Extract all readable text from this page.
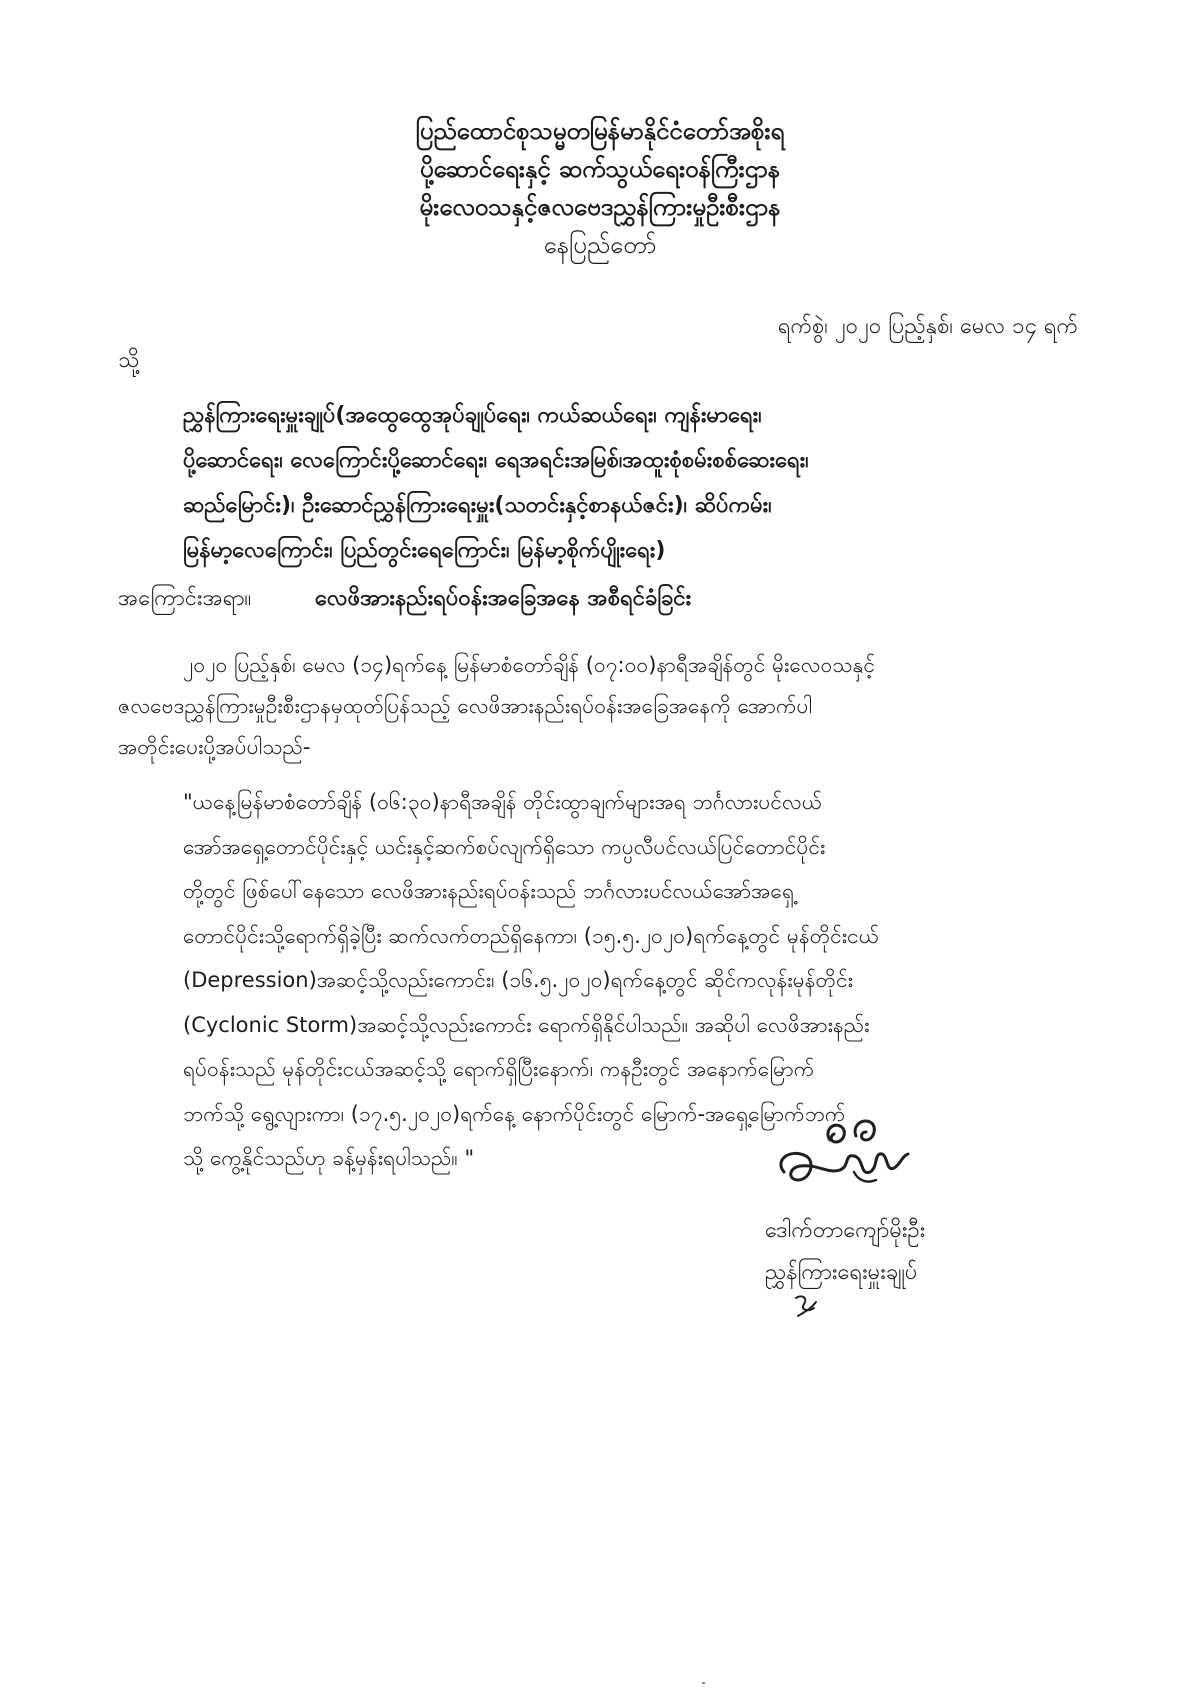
ပြည်ထောင်စုသမ္မတမြန်မာနိုင်ငံတော်အစိုးရ
ပို့ဆောင်ရေးနှင့် ဆက်သွယ်ရေးဝန်ကြီးဌာန
မိုးလေဝသနှင့်ဇလဗေဒညွှန်ကြားမှုဦးစီးဌာန
နေပြည်တော်
ရက်စွဲ၊ ၂၀၂၀ ပြည့်နှစ်၊ မေလ ၁၄ ရက်
သို့
ညွှန်ကြားရေးမှူးချုပ်(အထွေထွေအုပ်ချုပ်ရေး၊ ကယ်ဆယ်ရေး၊ ကျန်းမာရေး၊
ပို့ဆောင်ရေး၊ လေကြောင်းပို့ဆောင်ရေး၊ ရေအရင်းအမြစ်၊အထူးစုံစမ်းစစ်ဆေးရေး၊
ဆည်မြောင်း)၊ ဦးဆောင်ညွှန်ကြားရေးမှူး(သတင်းနှင့်စာနယ်ဇင်း)၊ ဆိပ်ကမ်း၊
မြန်မာ့လေကြောင်း၊ ပြည်တွင်းရေကြောင်း၊ မြန်မာ့စိုက်ပျိုးရေး)
အကြောင်းအရာ။	လေဖိအားနည်းရပ်ဝန်းအခြေအနေ အစီရင်ခံခြင်း
၂၀၂၀ ပြည့်နှစ်၊ မေလ (၁၄)ရက်နေ့ မြန်မာစံတော်ချိန် (၀၇:၀၀)နာရီအချိန်တွင် မိုးလေဝသနှင့်
ဇလဗေဒညွှန်ကြားမှုဦးစီးဌာနမှထုတ်ပြန်သည့် လေဖိအားနည်းရပ်ဝန်းအခြေအနေကို အောက်ပါ
အတိုင်းပေးပို့အပ်ပါသည်-
"ယနေ့မြန်မာစံတော်ချိန် (၀၆:၃၀)နာရီအချိန် တိုင်းထွာချက်များအရ ဘင်္ဂလားပင်လယ်
အော်အရှေ့တောင်ပိုင်းနှင့် ယင်းနှင့်ဆက်စပ်လျက်ရှိသော ကပ္ပလီပင်လယ်ပြင်တောင်ပိုင်း
တို့တွင် ဖြစ်ပေါ်နေသော လေဖိအားနည်းရပ်ဝန်းသည် ဘင်္ဂလားပင်လယ်အော်အရှေ့
တောင်ပိုင်းသို့ရောက်ရှိခဲ့ပြီး ဆက်လက်တည်ရှိနေကာ၊ (၁၅.၅.၂၀၂၀)ရက်နေ့တွင် မုန်တိုင်းငယ်
(Depression)အဆင့်သို့လည်းကောင်း၊ (၁၆.၅.၂၀၂၀)ရက်နေ့တွင် ဆိုင်ကလုန်းမုန်တိုင်း
(Cyclonic Storm)အဆင့်သို့လည်းကောင်း ရောက်ရှိနိုင်ပါသည်။ အဆိုပါ လေဖိအားနည်း
ရပ်ဝန်းသည် မုန်တိုင်းငယ်အဆင့်သို့ ရောက်ရှိပြီးနောက်၊ ကနဦးတွင် အနောက်မြောက်
ဘက်သို့ ရွေ့လျားကာ၊ (၁၇.၅.၂၀၂၀)ရက်နေ့ နောက်ပိုင်းတွင် မြောက်-အရှေ့မြောက်ဘက်
သို့ ကွေ့နိုင်သည်ဟု ခန့်မှန်းရပါသည်။ "
ဒေါက်တာကျော်မိုးဦး
ညွှန်ကြားရေးမှူးချုပ်
